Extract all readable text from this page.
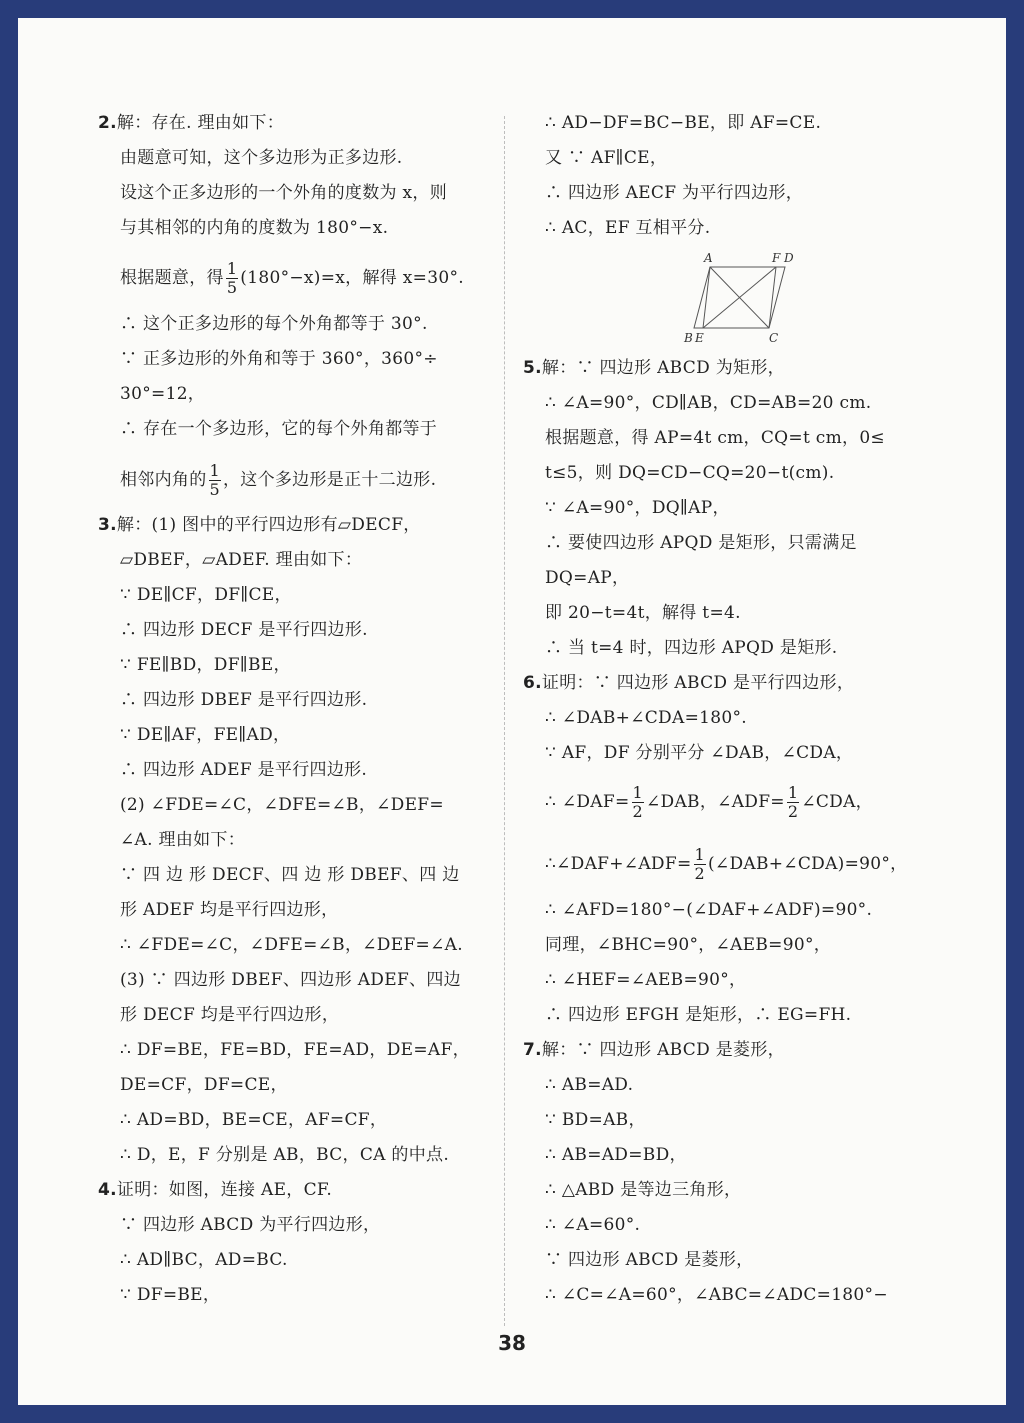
2.解：存在. 理由如下：
由题意可知，这个多边形为正多边形.
设这个正多边形的一个外角的度数为 x，则
与其相邻的内角的度数为 180°−x.
根据题意，得 $\frac{1}{5} (180^\circ-x)=x$，解得 x=30°.
∴ 这个正多边形的每个外角都等于 30°.
∵ 正多边形的外角和等于 360°，360°÷
30°=12，
∴ 存在一个多边形，它的每个外角都等于
相邻内角的 $\frac{1}{5}$ ，这个多边形是正十二边形.
3.解：(1) 图中的平行四边形有▱DECF，
▱DBEF，▱ADEF. 理由如下：
∵ DE∥CF，DF∥CE，
∴ 四边形 DECF 是平行四边形.
∵ FE∥BD，DF∥BE，
∴ 四边形 DBEF 是平行四边形.
∵ DE∥AF，FE∥AD，
∴ 四边形 ADEF 是平行四边形.
(2) ∠FDE=∠C，∠DFE=∠B，∠DEF=
∠A. 理由如下：
∵ 四 边 形 DECF、四 边 形 DBEF、四 边
形 ADEF 均是平行四边形，
∴ ∠FDE=∠C，∠DFE=∠B，∠DEF=∠A.
(3) ∵ 四边形 DBEF、四边形 ADEF、四边
形 DECF 均是平行四边形，
∴ DF=BE，FE=BD，FE=AD，DE=AF，
DE=CF，DF=CE，
∴ AD=BD，BE=CE，AF=CF，
∴ D，E，F 分别是 AB，BC，CA 的中点.
4.证明：如图，连接 AE，CF.
∵ 四边形 ABCD 为平行四边形，
∴ AD∥BC，AD=BC.
∵ DF=BE，
∴ AD−DF=BC−BE，即 AF=CE.
又 ∵ AF∥CE，
∴ 四边形 AECF 为平行四边形，
∴ AC，EF 互相平分.
A	F D
B E	C
5.解：∵ 四边形 ABCD 为矩形，
∴ ∠A=90°，CD∥AB，CD=AB=20 cm.
根据题意，得 AP=4t cm，CQ=t cm，0≤
t≤5，则 DQ=CD−CQ=20−t(cm).
∵ ∠A=90°，DQ∥AP，
∴ 要使四边形 APQD 是矩形，只需满足
DQ=AP，
即 20−t=4t，解得 t=4.
∴ 当 t=4 时，四边形 APQD 是矩形.
6.证明：∵ 四边形 ABCD 是平行四边形，
∴ ∠DAB+∠CDA=180°.
∵ AF，DF 分别平分 ∠DAB，∠CDA，
∴ ∠DAF= $\frac{1}{2}$ ∠DAB，∠ADF= $\frac{1}{2}$ ∠CDA，
∴∠DAF+∠ADF= $\frac{1}{2}$ (∠DAB+∠CDA)=90°，
∴ ∠AFD=180°−(∠DAF+∠ADF)=90°.
同理，∠BHC=90°，∠AEB=90°，
∴ ∠HEF=∠AEB=90°，
∴ 四边形 EFGH 是矩形，∴ EG=FH.
7.解：∵ 四边形 ABCD 是菱形，
∴ AB=AD.
∵ BD=AB，
∴ AB=AD=BD，
∴ △ABD 是等边三角形，
∴ ∠A=60°.
∵ 四边形 ABCD 是菱形，
∴ ∠C=∠A=60°，∠ABC=∠ADC=180°−
38
